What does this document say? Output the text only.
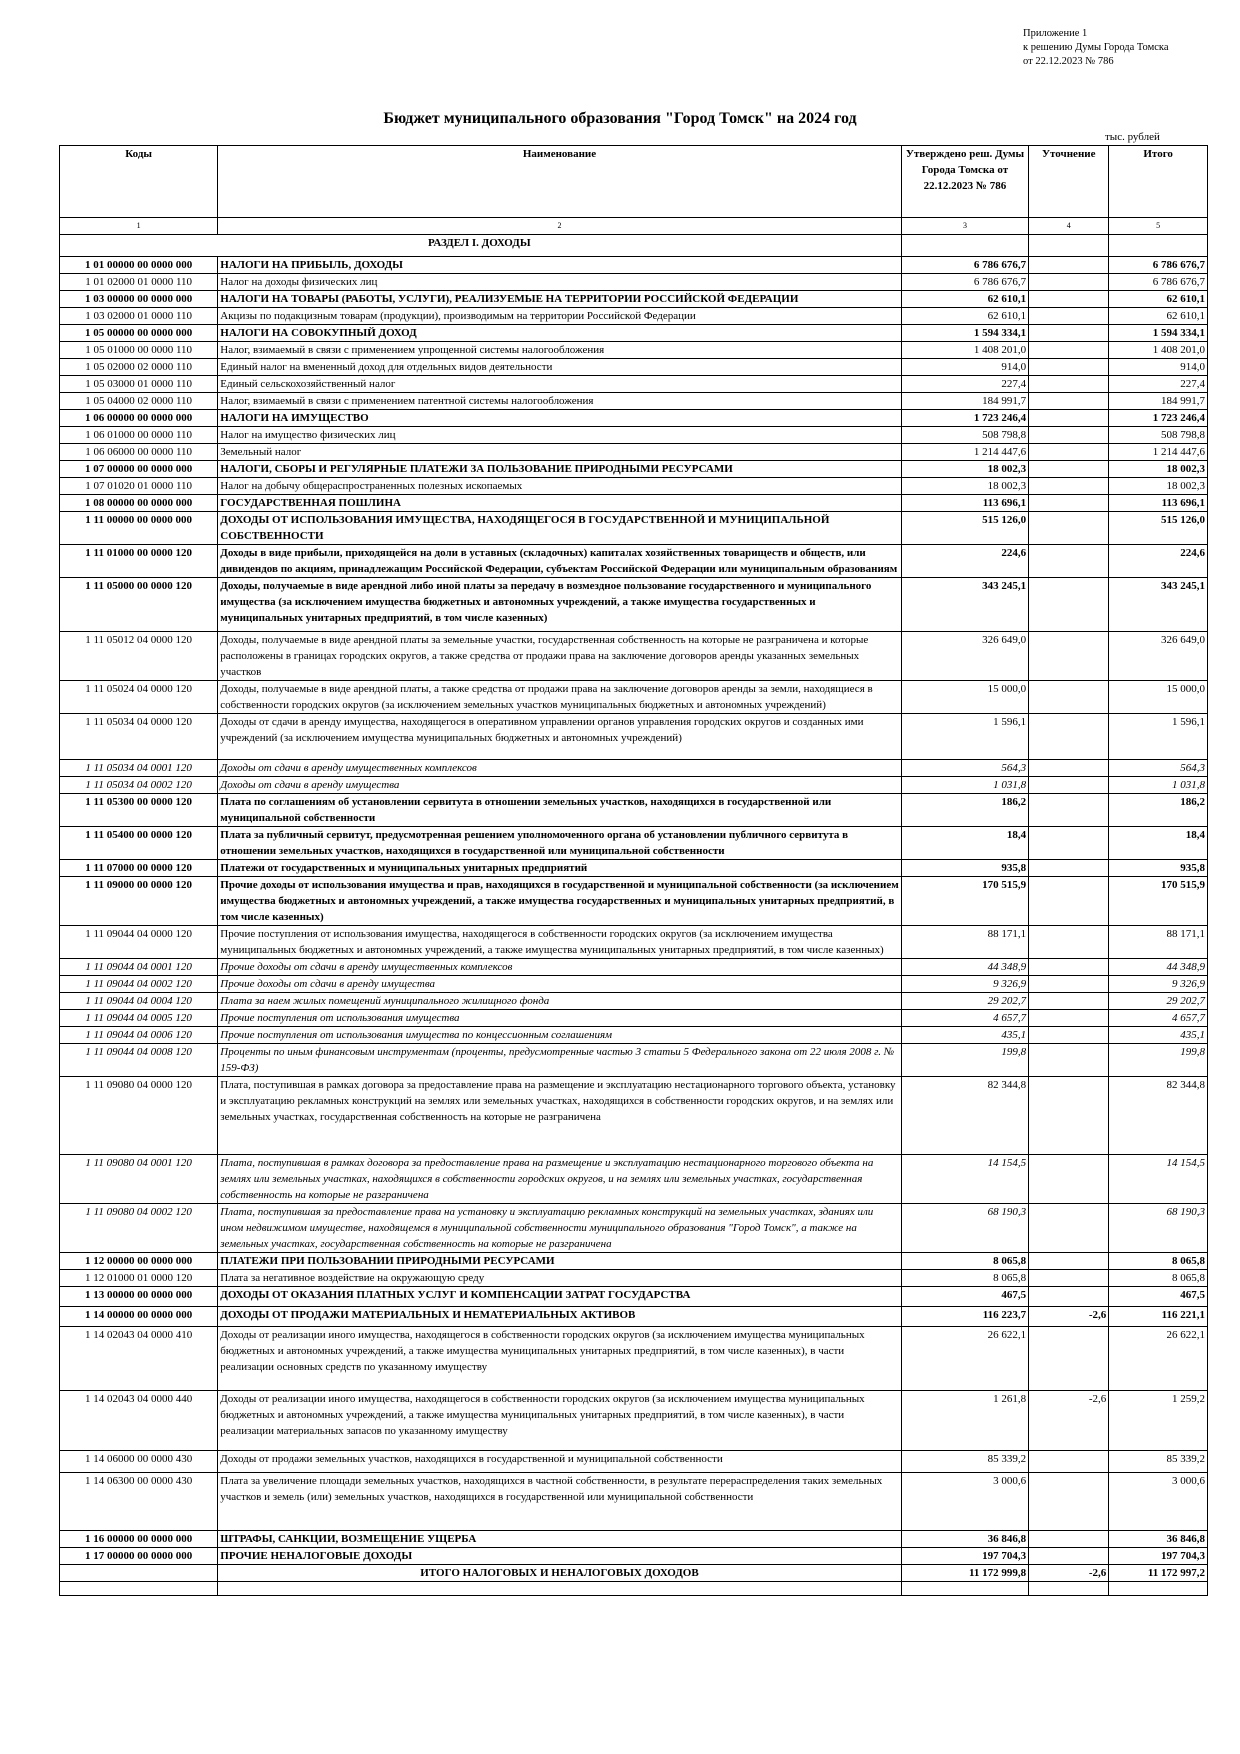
Приложение 1
к решению Думы Города Томска
от 22.12.2023 № 786
Бюджет муниципального образования "Город Томск" на 2024 год
тыс. рублей
Коды	Наименование	Утверждено реш. Думы Города Томска от 22.12.2023 № 786	Уточнение	Итого
1	2	3	4	5
РАЗДЕЛ I. ДОХОДЫ				
1 01 00000 00 0000 000	НАЛОГИ НА ПРИБЫЛЬ, ДОХОДЫ	6 786 676,7		6 786 676,7
1 01 02000 01 0000 110	Налог на доходы физических лиц	6 786 676,7		6 786 676,7
1 03 00000 00 0000 000	НАЛОГИ НА ТОВАРЫ (РАБОТЫ, УСЛУГИ), РЕАЛИЗУЕМЫЕ НА ТЕРРИТОРИИ РОССИЙСКОЙ ФЕДЕРАЦИИ	62 610,1		62 610,1
1 03 02000 01 0000 110	Акцизы по подакцизным товарам (продукции), производимым на территории Российской Федерации	62 610,1		62 610,1
1 05 00000 00 0000 000	НАЛОГИ НА СОВОКУПНЫЙ ДОХОД	1 594 334,1		1 594 334,1
1 05 01000 00 0000 110	Налог, взимаемый в связи с применением упрощенной системы налогообложения	1 408 201,0		1 408 201,0
1 05 02000 02 0000 110	Единый налог на вмененный доход для отдельных видов деятельности	914,0		914,0
1 05 03000 01 0000 110	Единый сельскохозяйственный налог	227,4		227,4
1 05 04000 02 0000 110	Налог, взимаемый в связи с применением патентной системы налогообложения	184 991,7		184 991,7
1 06 00000 00 0000 000	НАЛОГИ НА ИМУЩЕСТВО	1 723 246,4		1 723 246,4
1 06 01000 00 0000 110	Налог на имущество физических лиц	508 798,8		508 798,8
1 06 06000 00 0000 110	Земельный налог	1 214 447,6		1 214 447,6
1 07 00000 00 0000 000	НАЛОГИ, СБОРЫ И РЕГУЛЯРНЫЕ ПЛАТЕЖИ ЗА ПОЛЬЗОВАНИЕ ПРИРОДНЫМИ РЕСУРСАМИ	18 002,3		18 002,3
1 07 01020 01 0000 110	Налог на добычу общераспространенных полезных ископаемых	18 002,3		18 002,3
1 08 00000 00 0000 000	ГОСУДАРСТВЕННАЯ ПОШЛИНА	113 696,1		113 696,1
1 11 00000 00 0000 000	ДОХОДЫ ОТ ИСПОЛЬЗОВАНИЯ ИМУЩЕСТВА, НАХОДЯЩЕГОСЯ В ГОСУДАРСТВЕННОЙ И МУНИЦИПАЛЬНОЙ СОБСТВЕННОСТИ	515 126,0		515 126,0
1 11 01000 00 0000 120	Доходы в виде прибыли, приходящейся на доли в уставных (складочных) капиталах хозяйственных товариществ и обществ, или дивидендов по акциям, принадлежащим Российской Федерации, субъектам Российской Федерации или муниципальным образованиям	224,6		224,6
1 11 05000 00 0000 120	Доходы, получаемые в виде арендной либо иной платы за передачу в возмездное пользование государственного и муниципального имущества (за исключением имущества бюджетных и автономных учреждений, а также имущества государственных и муниципальных унитарных предприятий, в том числе казенных)	343 245,1		343 245,1
1 11 05012 04 0000 120	Доходы, получаемые в виде арендной платы за земельные участки, государственная собственность на которые не разграничена и которые расположены в границах городских округов, а также средства от продажи права на заключение договоров аренды указанных земельных участков	326 649,0		326 649,0
1 11 05024 04 0000 120	Доходы, получаемые в виде арендной платы, а также средства от продажи права на заключение договоров аренды за земли, находящиеся в собственности городских округов (за исключением земельных участков муниципальных бюджетных и автономных учреждений)	15 000,0		15 000,0
1 11 05034 04 0000 120	Доходы от сдачи в аренду имущества, находящегося в оперативном управлении органов управления городских округов и созданных ими учреждений (за исключением имущества муниципальных бюджетных и автономных учреждений)	1 596,1		1 596,1
1 11 05034 04 0001 120	Доходы от сдачи в аренду имущественных комплексов	564,3		564,3
1 11 05034 04 0002 120	Доходы от сдачи в аренду имущества	1 031,8		1 031,8
1 11 05300 00 0000 120	Плата по соглашениям об установлении сервитута в отношении земельных участков, находящихся в государственной или муниципальной собственности	186,2		186,2
1 11 05400 00 0000 120	Плата за публичный сервитут, предусмотренная решением уполномоченного органа об установлении публичного сервитута в отношении земельных участков, находящихся в государственной или муниципальной собственности	18,4		18,4
1 11 07000 00 0000 120	Платежи от государственных и муниципальных унитарных предприятий	935,8		935,8
1 11 09000 00 0000 120	Прочие доходы от использования имущества и прав, находящихся в государственной и муниципальной собственности (за исключением имущества бюджетных и автономных учреждений, а также имущества государственных и муниципальных унитарных предприятий, в том числе казенных)	170 515,9		170 515,9
1 11 09044 04 0000 120	Прочие поступления от использования имущества, находящегося в собственности городских округов (за исключением имущества муниципальных бюджетных и автономных учреждений, а также имущества муниципальных унитарных предприятий, в том числе казенных)	88 171,1		88 171,1
1 11 09044 04 0001 120	Прочие доходы от сдачи в аренду имущественных комплексов	44 348,9		44 348,9
1 11 09044 04 0002 120	Прочие доходы от сдачи в аренду имущества	9 326,9		9 326,9
1 11 09044 04 0004 120	Плата за наем жилых помещений муниципального жилищного фонда	29 202,7		29 202,7
1 11 09044 04 0005 120	Прочие поступления от использования имущества	4 657,7		4 657,7
1 11 09044 04 0006 120	Прочие поступления от использования имущества по концессионным соглашениям	435,1		435,1
1 11 09044 04 0008 120	Проценты по иным финансовым инструментам (проценты, предусмотренные частью 3 статьи 5 Федерального закона от 22 июля 2008 г. № 159-ФЗ)	199,8		199,8
1 11 09080 04 0000 120	Плата, поступившая в рамках договора за предоставление права на размещение и эксплуатацию нестационарного торгового объекта, установку и эксплуатацию рекламных конструкций на землях или земельных участках, находящихся в собственности городских округов, и на землях или земельных участках, государственная собственность на которые не разграничена	82 344,8		82 344,8
1 11 09080 04 0001 120	Плата, поступившая в рамках договора за предоставление права на размещение и эксплуатацию нестационарного торгового объекта на землях или земельных участках, находящихся в собственности городских округов, и на землях или земельных участках, государственная собственность на которые не разграничена	14 154,5		14 154,5
1 11 09080 04 0002 120	Плата, поступившая за предоставление права на установку и эксплуатацию рекламных конструкций на земельных участках, зданиях или ином недвижимом имуществе, находящемся в муниципальной собственности муниципального образования "Город Томск", а также на земельных участках, государственная собственность на которые не разграничена	68 190,3		68 190,3
1 12 00000 00 0000 000	ПЛАТЕЖИ ПРИ ПОЛЬЗОВАНИИ ПРИРОДНЫМИ РЕСУРСАМИ	8 065,8		8 065,8
1 12 01000 01 0000 120	Плата за негативное воздействие на окружающую среду	8 065,8		8 065,8
1 13 00000 00 0000 000	ДОХОДЫ ОТ ОКАЗАНИЯ ПЛАТНЫХ УСЛУГ И КОМПЕНСАЦИИ ЗАТРАТ ГОСУДАРСТВА	467,5		467,5
1 14 00000 00 0000 000	ДОХОДЫ ОТ ПРОДАЖИ МАТЕРИАЛЬНЫХ И НЕМАТЕРИАЛЬНЫХ АКТИВОВ	116 223,7	-2,6	116 221,1
1 14 02043 04 0000 410	Доходы от реализации иного имущества, находящегося в собственности городских округов (за исключением имущества муниципальных бюджетных и автономных учреждений, а также имущества муниципальных унитарных предприятий, в том числе казенных), в части реализации основных средств по указанному имуществу	26 622,1		26 622,1
1 14 02043 04 0000 440	Доходы от реализации иного имущества, находящегося в собственности городских округов (за исключением имущества муниципальных бюджетных и автономных учреждений, а также имущества муниципальных унитарных предприятий, в том числе казенных), в части реализации материальных запасов по указанному имуществу	1 261,8	-2,6	1 259,2
1 14 06000 00 0000 430	Доходы от продажи земельных участков, находящихся в государственной и муниципальной собственности	85 339,2		85 339,2
1 14 06300 00 0000 430	Плата за увеличение площади земельных участков, находящихся в частной собственности, в результате перераспределения таких земельных участков и земель (или) земельных участков, находящихся в государственной или муниципальной собственности	3 000,6		3 000,6
1 16 00000 00 0000 000	ШТРАФЫ, САНКЦИИ, ВОЗМЕЩЕНИЕ УЩЕРБА	36 846,8		36 846,8
1 17 00000 00 0000 000	ПРОЧИЕ НЕНАЛОГОВЫЕ ДОХОДЫ	197 704,3		197 704,3
	ИТОГО НАЛОГОВЫХ И НЕНАЛОГОВЫХ ДОХОДОВ	11 172 999,8	-2,6	11 172 997,2
